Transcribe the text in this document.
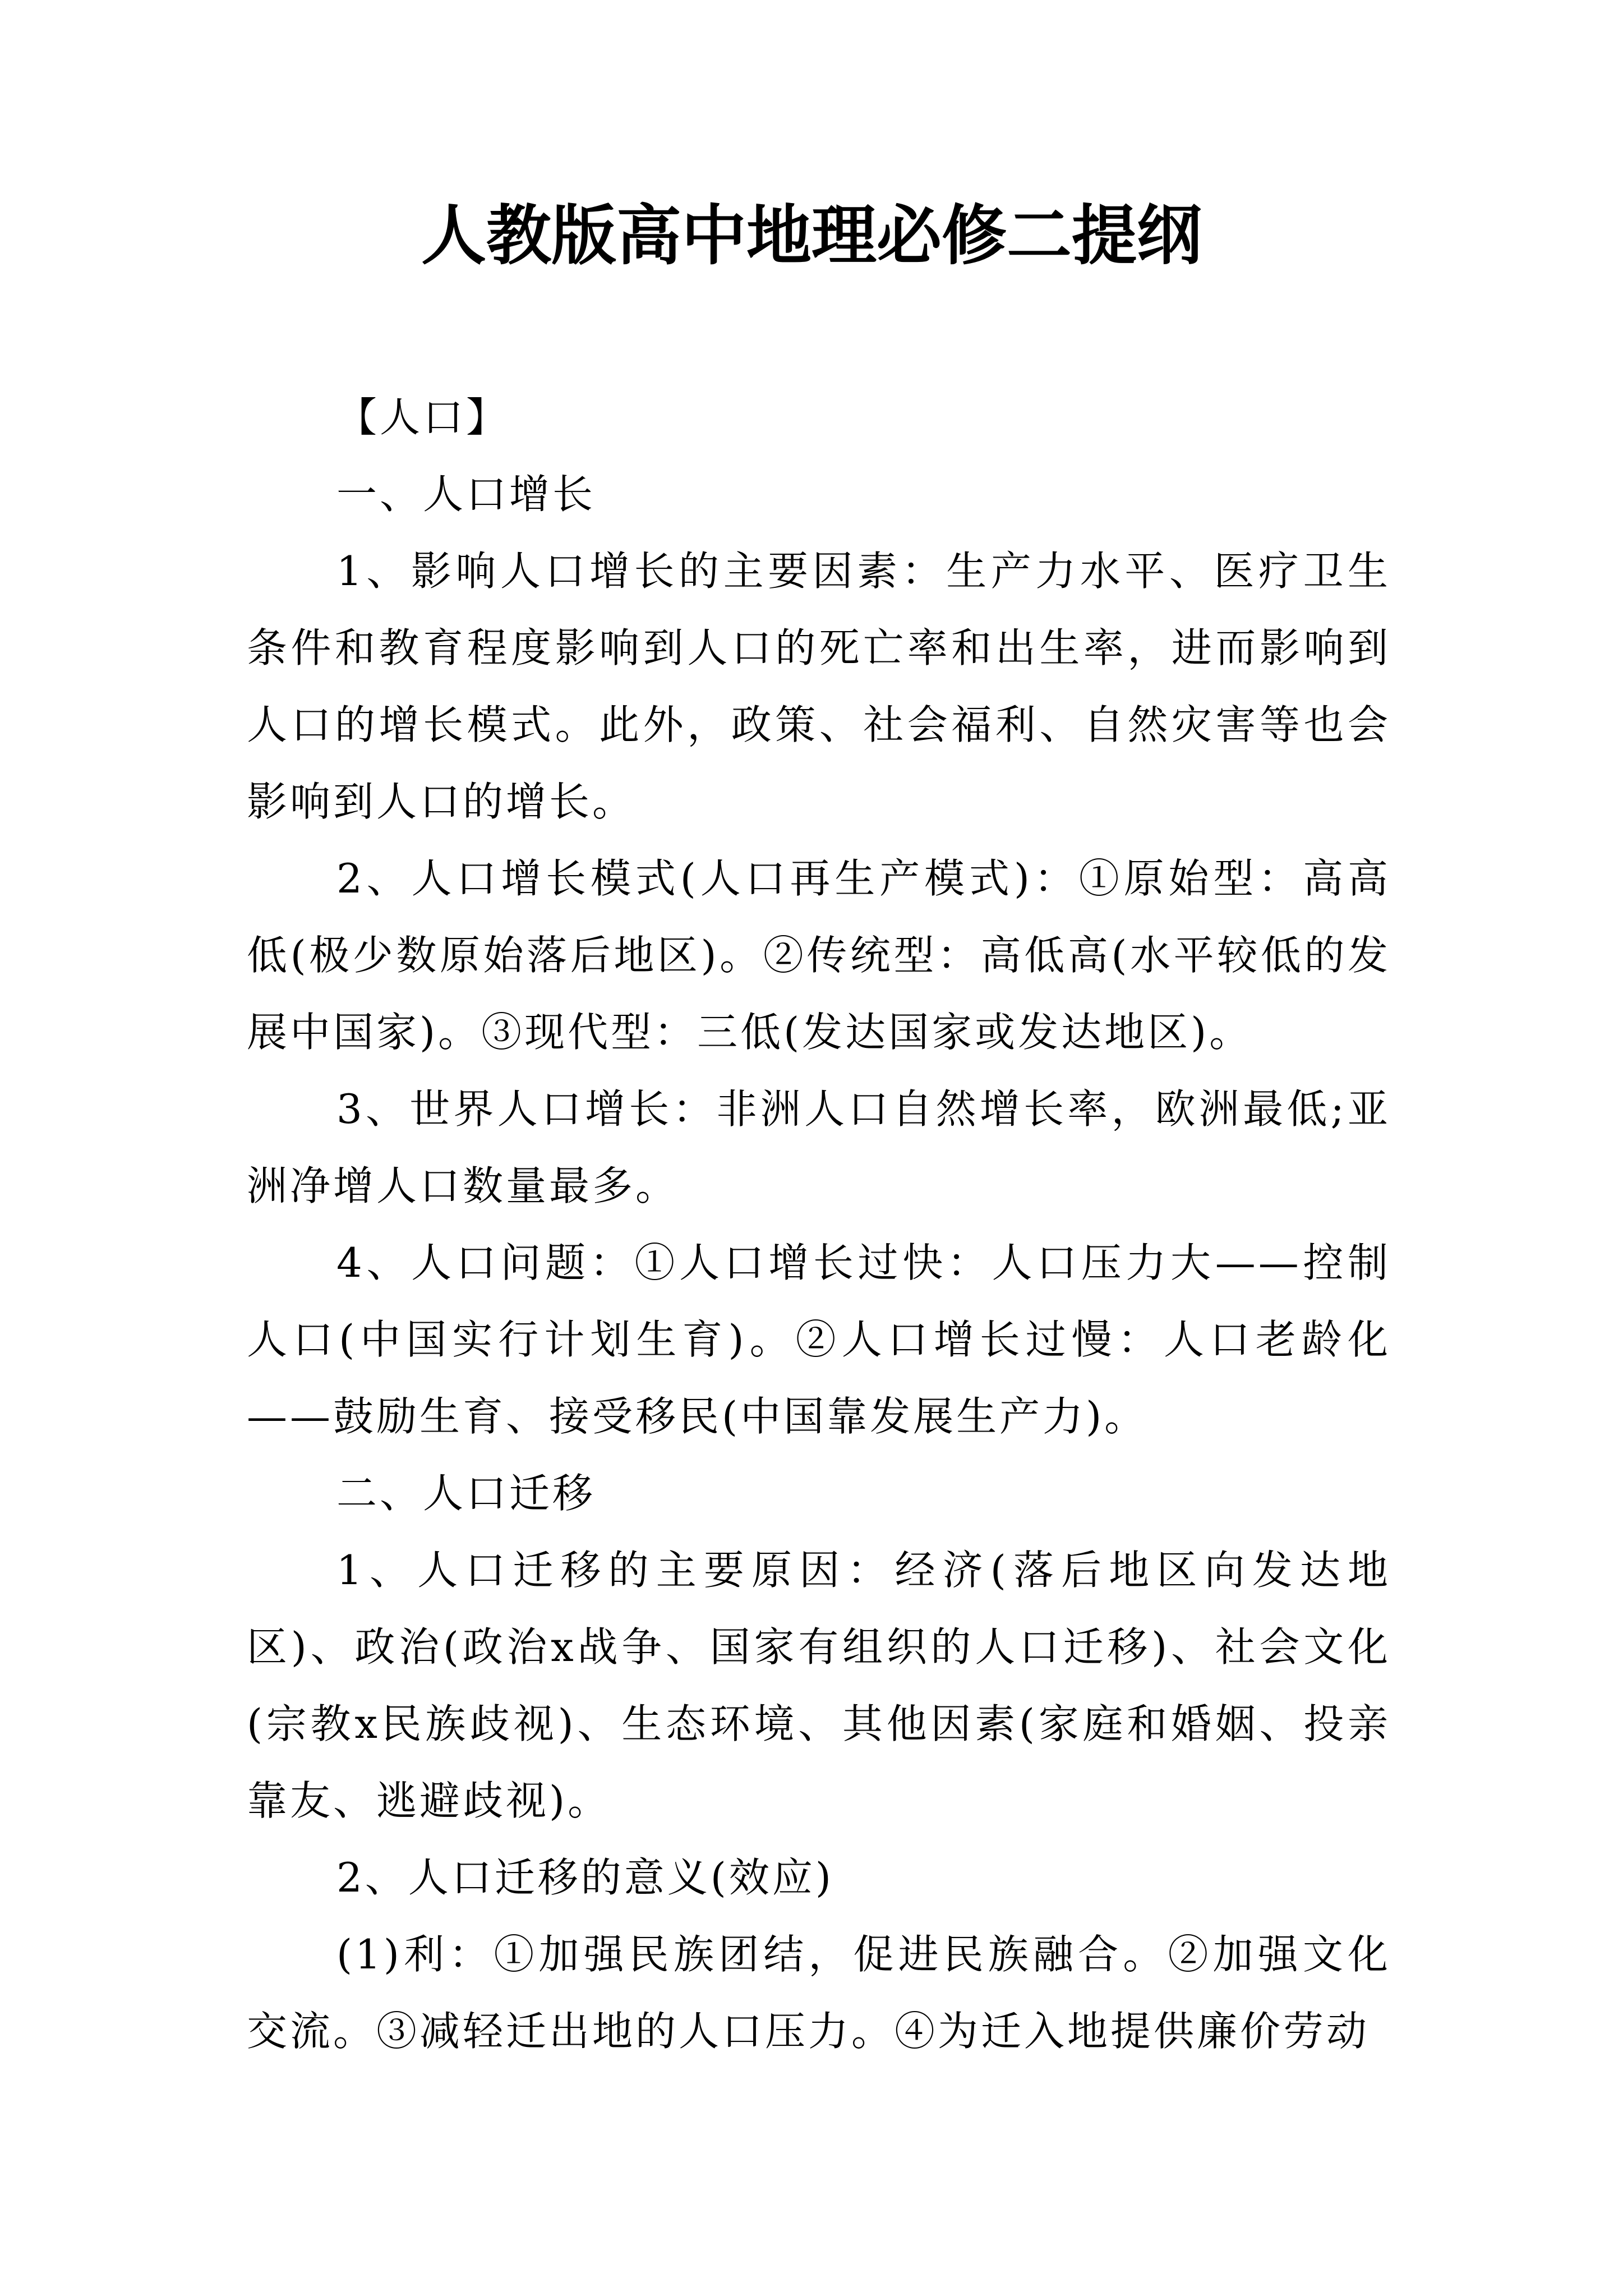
人教版高中地理必修二提纲

【人口】

一、人口增长

1、影响人口增长的主要因素：生产力水平、医疗卫生条件和教育程度影响到人口的死亡率和出生率，进而影响到人口的增长模式。此外，政策、社会福利、自然灾害等也会影响到人口的增长。

2、人口增长模式(人口再生产模式)：①原始型：高高低(极少数原始落后地区)。②传统型：高低高(水平较低的发展中国家)。③现代型：三低(发达国家或发达地区)。

3、世界人口增长：非洲人口自然增长率，欧洲最低;亚洲净增人口数量最多。

4、人口问题：①人口增长过快：人口压力大——控制人口(中国实行计划生育)。②人口增长过慢：人口老龄化——鼓励生育、接受移民(中国靠发展生产力)。

二、人口迁移

1、人口迁移的主要原因：经济(落后地区向发达地区)、政治(政治x战争、国家有组织的人口迁移)、社会文化(宗教x民族歧视)、生态环境、其他因素(家庭和婚姻、投亲靠友、逃避歧视)。

2、人口迁移的意义(效应)

(1)利：①加强民族团结，促进民族融合。②加强文化交流。③减轻迁出地的人口压力。④为迁入地提供廉价劳动
